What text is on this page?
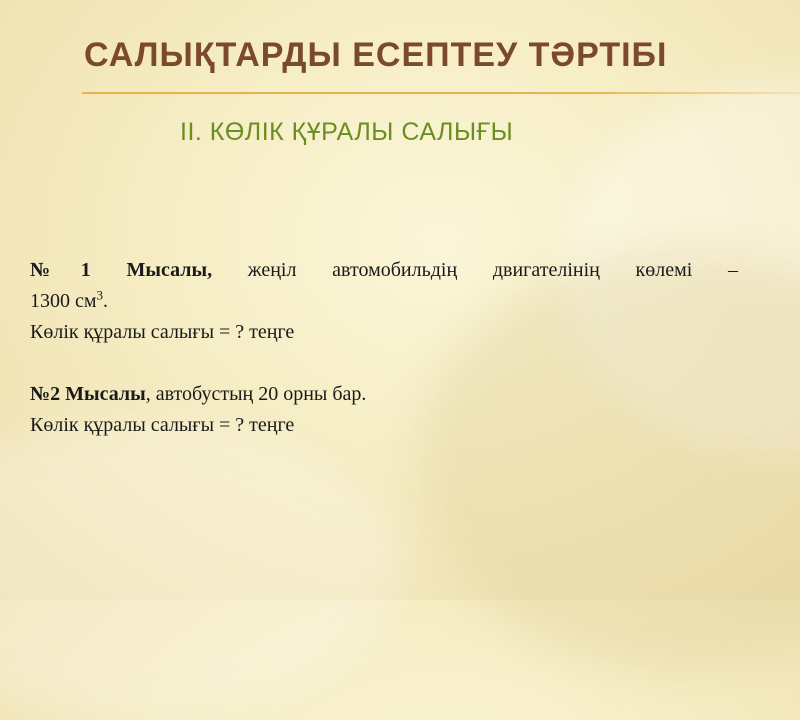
САЛЫҚТАРДЫ ЕСЕПТЕУ ТӘРТІБІ
ІІ. КӨЛІК ҚҰРАЛЫ САЛЫҒЫ
№1 Мысалы, жеңіл автомобильдің двигателінің көлемі –
1300 $см^3$.
Көлік құралы салығы = ? теңге
№2 Мысалы, автобустың 20 орны бар.
Көлік құралы салығы = ? теңге
